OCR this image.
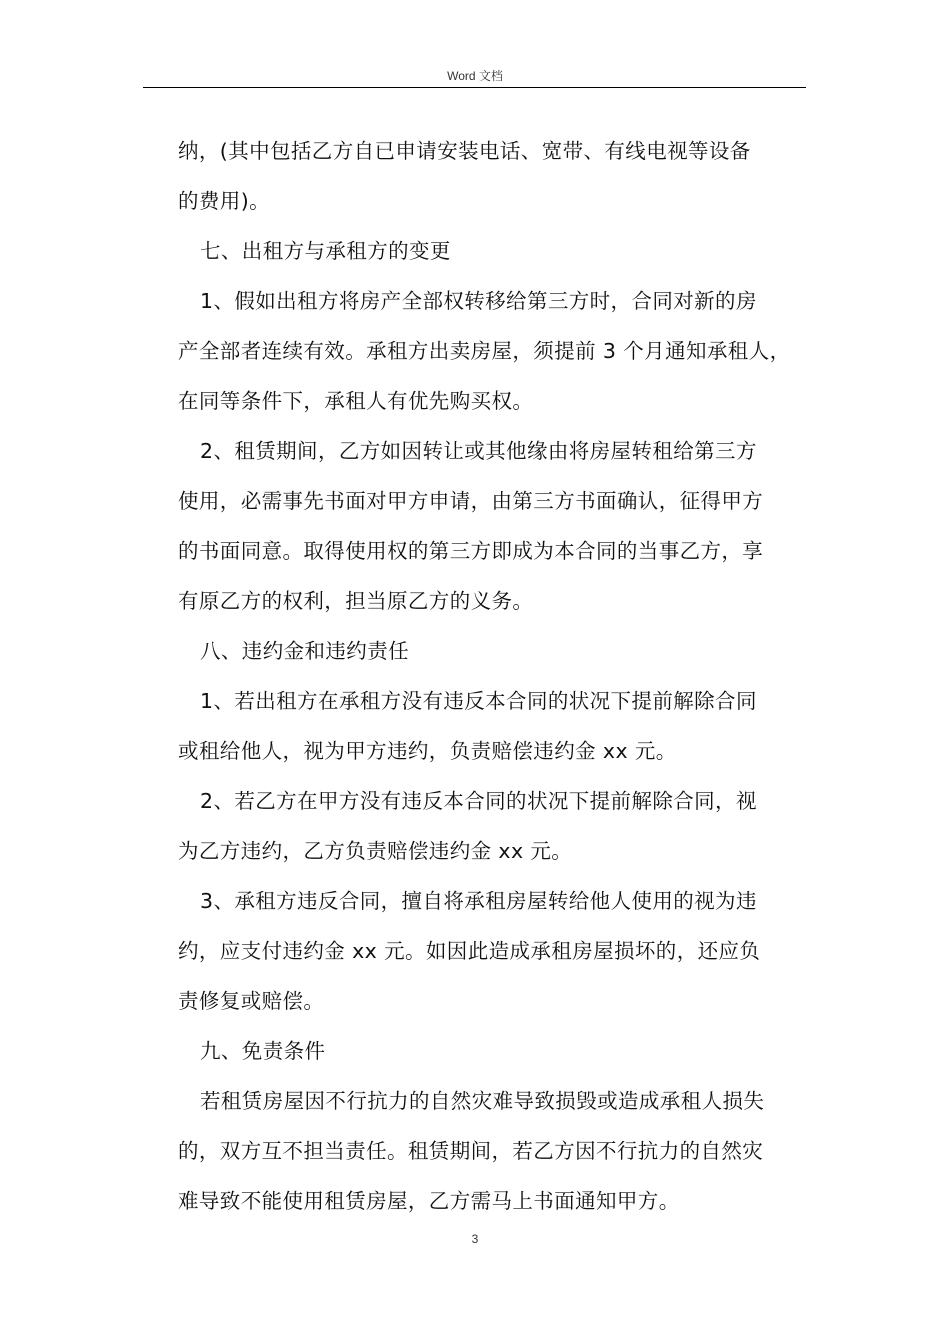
Word 文档

纳，(其中包括乙方自已申请安装电话、宽带、有线电视等设备

的费用)。

七、出租方与承租方的变更

1、假如出租方将房产全部权转移给第三方时，合同对新的房

产全部者连续有效。承租方出卖房屋，须提前 3 个月通知承租人，

在同等条件下，承租人有优先购买权。

2、租赁期间，乙方如因转让或其他缘由将房屋转租给第三方

使用，必需事先书面对甲方申请，由第三方书面确认，征得甲方

的书面同意。取得使用权的第三方即成为本合同的当事乙方，享

有原乙方的权利，担当原乙方的义务。

八、违约金和违约责任

1、若出租方在承租方没有违反本合同的状况下提前解除合同

或租给他人，视为甲方违约，负责赔偿违约金 xx 元。

2、若乙方在甲方没有违反本合同的状况下提前解除合同，视

为乙方违约，乙方负责赔偿违约金 xx 元。

3、承租方违反合同，擅自将承租房屋转给他人使用的视为违

约，应支付违约金 xx 元。如因此造成承租房屋损坏的，还应负

责修复或赔偿。

九、免责条件

若租赁房屋因不行抗力的自然灾难导致损毁或造成承租人损失

的，双方互不担当责任。租赁期间，若乙方因不行抗力的自然灾

难导致不能使用租赁房屋，乙方需马上书面通知甲方。

3
